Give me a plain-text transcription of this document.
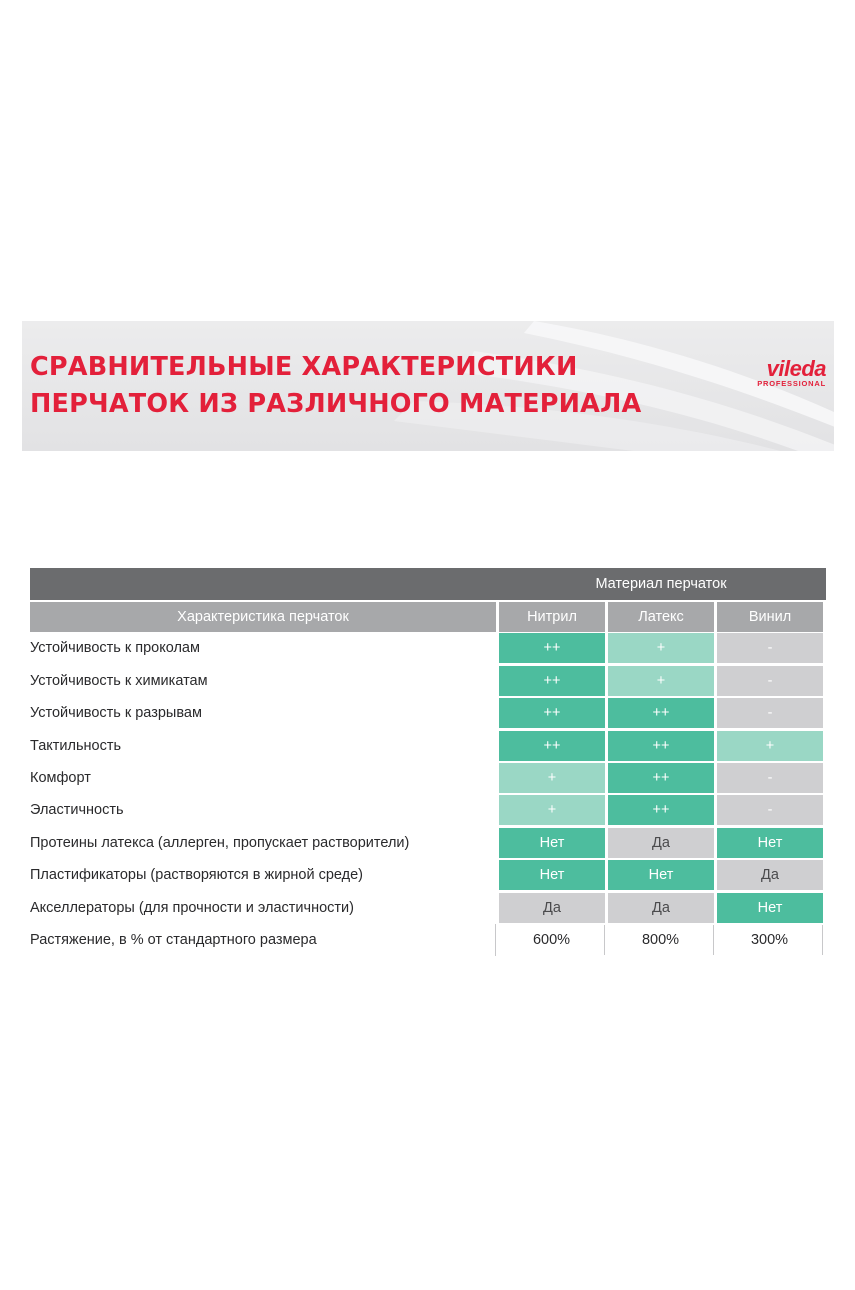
СРАВНИТЕЛЬНЫЕ ХАРАКТЕРИСТИКИ
ПЕРЧАТОК ИЗ РАЗЛИЧНОГО МАТЕРИАЛА
vileda
PROFESSIONAL
Материал перчаток
Характеристика перчаток	Нитрил	Латекс	Винил
Устойчивость к проколам	++	+	-
Устойчивость к химикатам	++	+	-
Устойчивость к разрывам	++	++	-
Тактильность	++	++	+
Комфорт	+	++	-
Эластичность	+	++	-
Протеины латекса (аллерген, пропускает растворители)	Нет	Да	Нет
Пластификаторы (растворяются в жирной среде)	Нет	Нет	Да
Акселлераторы (для прочности и эластичности)	Да	Да	Нет
Растяжение, в % от стандартного размера	600%	800%	300%
